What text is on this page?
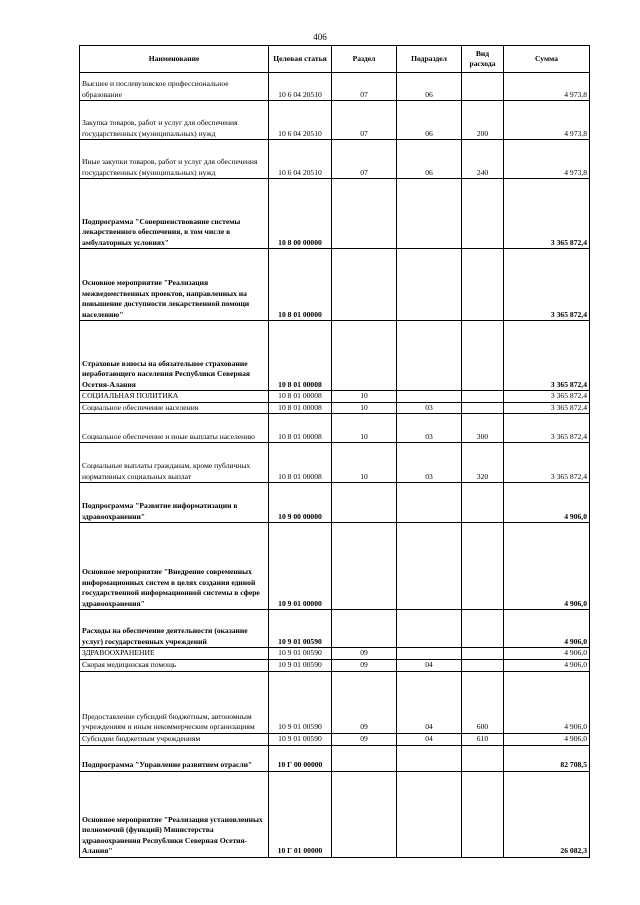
406
Наименование	Целевая статья	Раздел	Подраздел	Вид расхода	Сумма
Высшее и послевузовское профессиональное образование	10 6 04 20510	07	06		4 973,8
Закупка товаров, работ и услуг для обеспечения государственных (муниципальных) нужд	10 6 04 20510	07	06	200	4 973,8
Иные закупки товаров, работ и услуг для обеспечения государственных (муниципальных) нужд	10 6 04 20510	07	06	240	4 973,8
Подпрограмма "Совершенствование системы лекарственного обеспечения, в том числе в амбулаторных условиях"	10 8 00 00000				3 365 872,4
Основное мероприятие "Реализация межведомственных проектов, направленных на повышение доступности лекарственной помощи населению"	10 8 01 00000				3 365 872,4
Страховые взносы на обязательное страхование неработающего населения Республики Северная Осетия-Алания	10 8 01 00008				3 365 872,4
СОЦИАЛЬНАЯ ПОЛИТИКА	10 8 01 00008	10			3 365 872,4
Социальное обеспечение населения	10 8 01 00008	10	03		3 365 872,4
Социальное обеспечение и иные выплаты населению	10 8 01 00008	10	03	300	3 365 872,4
Социальные выплаты гражданам, кроме публичных нормативных социальных выплат	10 8 01 00008	10	03	320	3 365 872,4
Подпрограмма "Развитие информатизации в здравоохранении"	10 9 00 00000				4 906,0
Основное мероприятие "Внедрение современных информационных систем в целях создания единой государственной информационной системы в сфере здравоохранения"	10 9 01 00000				4 906,0
Расходы на обеспечение деятельности (оказание услуг) государственных учреждений	10 9 01 00590				4 906,0
ЗДРАВООХРАНЕНИЕ	10 9 01 00590	09			4 906,0
Скорая медицинская помощь	10 9 01 00590	09	04		4 906,0
Предоставление субсидий бюджетным, автономным учреждениям и иным некоммерческим организациям	10 9 01 00590	09	04	600	4 906,0
Субсидии бюджетным учреждениям	10 9 01 00590	09	04	610	4 906,0
Подпрограмма "Управление развитием отрасли"	10 Г 00 00000				82 708,5
Основное мероприятие "Реализация установленных полномочий (функций) Министерства здравоохранения Республики Северная Осетия-Алания"	10 Г 01 00000				26 082,3
